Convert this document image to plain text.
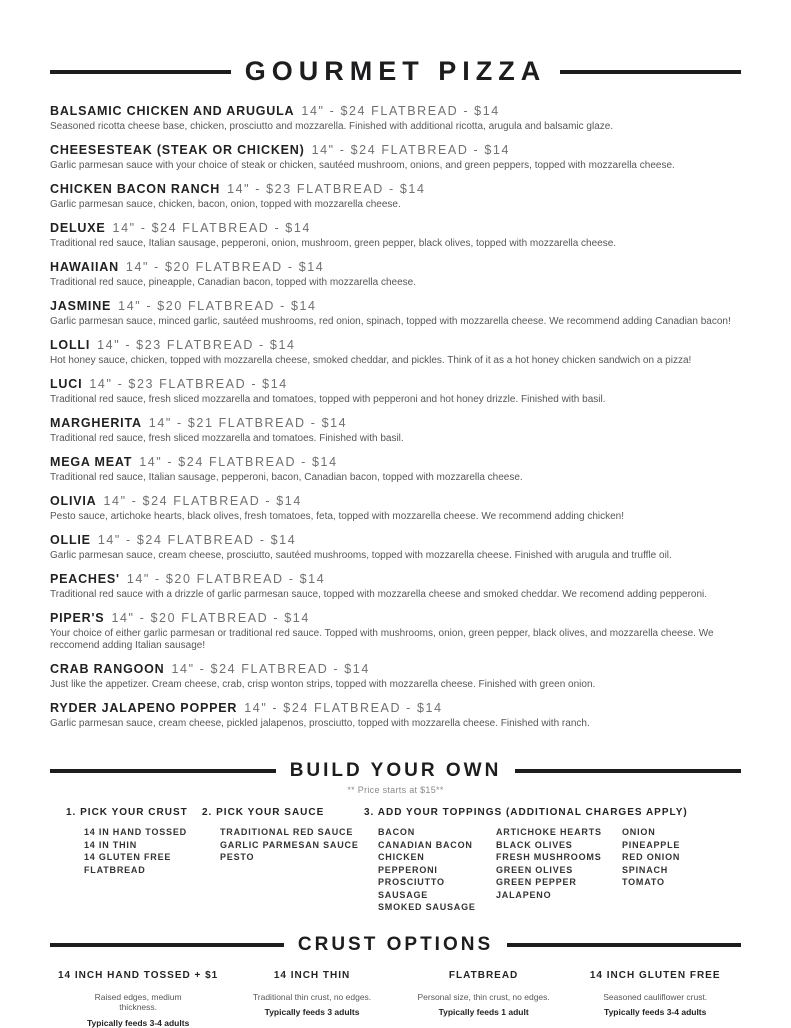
GOURMET PIZZA
BALSAMIC CHICKEN AND ARUGULA 14" - $24 FLATBREAD - $14

Seasoned ricotta cheese base, chicken, prosciutto and mozzarella. Finished with additional ricotta, arugula and balsamic glaze.

CHEESESTEAK (STEAK OR CHICKEN) 14" - $24 FLATBREAD - $14

Garlic parmesan sauce with your choice of steak or chicken, sautéed mushroom, onions, and green peppers, topped with mozzarella cheese.

CHICKEN BACON RANCH 14" - $23 FLATBREAD - $14

Garlic parmesan sauce, chicken, bacon, onion, topped with mozzarella cheese.

DELUXE 14" - $24 FLATBREAD - $14

Traditional red sauce, Italian sausage, pepperoni, onion, mushroom, green pepper, black olives, topped with mozzarella cheese.

HAWAIIAN 14" - $20 FLATBREAD - $14

Traditional red sauce, pineapple, Canadian bacon, topped with mozzarella cheese.

JASMINE 14" - $20 FLATBREAD - $14

Garlic parmesan sauce, minced garlic, sautéed mushrooms, red onion, spinach, topped with mozzarella cheese. We recommend adding Canadian bacon!

LOLLI 14" - $23 FLATBREAD - $14

Hot honey sauce, chicken, topped with mozzarella cheese, smoked cheddar, and pickles. Think of it as a hot honey chicken sandwich on a pizza!

LUCI 14" - $23 FLATBREAD - $14

Traditional red sauce, fresh sliced mozzarella and tomatoes, topped with pepperoni and hot honey drizzle. Finished with basil.

MARGHERITA 14" - $21 FLATBREAD - $14

Traditional red sauce, fresh sliced mozzarella and tomatoes. Finished with basil.

MEGA MEAT 14" - $24 FLATBREAD - $14

Traditional red sauce, Italian sausage, pepperoni, bacon, Canadian bacon, topped with mozzarella cheese.

OLIVIA 14" - $24 FLATBREAD - $14

Pesto sauce, artichoke hearts, black olives, fresh tomatoes, feta, topped with mozzarella cheese. We recommend adding chicken!

OLLIE 14" - $24 FLATBREAD - $14

Garlic parmesan sauce, cream cheese, prosciutto, sautéed mushrooms, topped with mozzarella cheese. Finished with arugula and truffle oil.

PEACHES' 14" - $20 FLATBREAD - $14

Traditional red sauce with a drizzle of garlic parmesan sauce, topped with mozzarella cheese and smoked cheddar. We recomend adding pepperoni.

PIPER'S 14" - $20 FLATBREAD - $14

Your choice of either garlic parmesan or traditional red sauce. Topped with mushrooms, onion, green pepper, black olives, and mozzarella cheese. We reccomend adding Italian sausage!

CRAB RANGOON 14" - $24 FLATBREAD - $14

Just like the appetizer. Cream cheese, crab, crisp wonton strips, topped with mozzarella cheese. Finished with green onion.

RYDER JALAPENO POPPER 14" - $24 FLATBREAD - $14

Garlic parmesan sauce, cream cheese, pickled jalapenos, prosciutto, topped with mozzarella cheese. Finished with ranch.

BUILD YOUR OWN

** Price starts at $15**

1. PICK YOUR CRUST
14 IN HAND TOSSED
14 IN THIN
14 GLUTEN FREE
FLATBREAD
2. PICK YOUR SAUCE
TRADITIONAL RED SAUCE
GARLIC PARMESAN SAUCE
PESTO
3. ADD YOUR TOPPINGS (ADDITIONAL CHARGES APPLY)
BACON
CANADIAN BACON
CHICKEN
PEPPERONI
PROSCIUTTO
SAUSAGE
SMOKED SAUSAGE
ARTICHOKE HEARTS
BLACK OLIVES
FRESH MUSHROOMS
GREEN OLIVES
GREEN PEPPER
JALAPENO
ONION
PINEAPPLE
RED ONION
SPINACH
TOMATO
CRUST OPTIONS
14 INCH HAND TOSSED + $1

Raised edges, medium thickness.

Typically feeds 3-4 adults

14 INCH THIN

Traditional thin crust, no edges.

Typically feeds 3 adults

FLATBREAD

Personal size, thin crust, no edges.

Typically feeds 1 adult

14 INCH GLUTEN FREE

Seasoned cauliflower crust.

Typically feeds 3-4 adults
